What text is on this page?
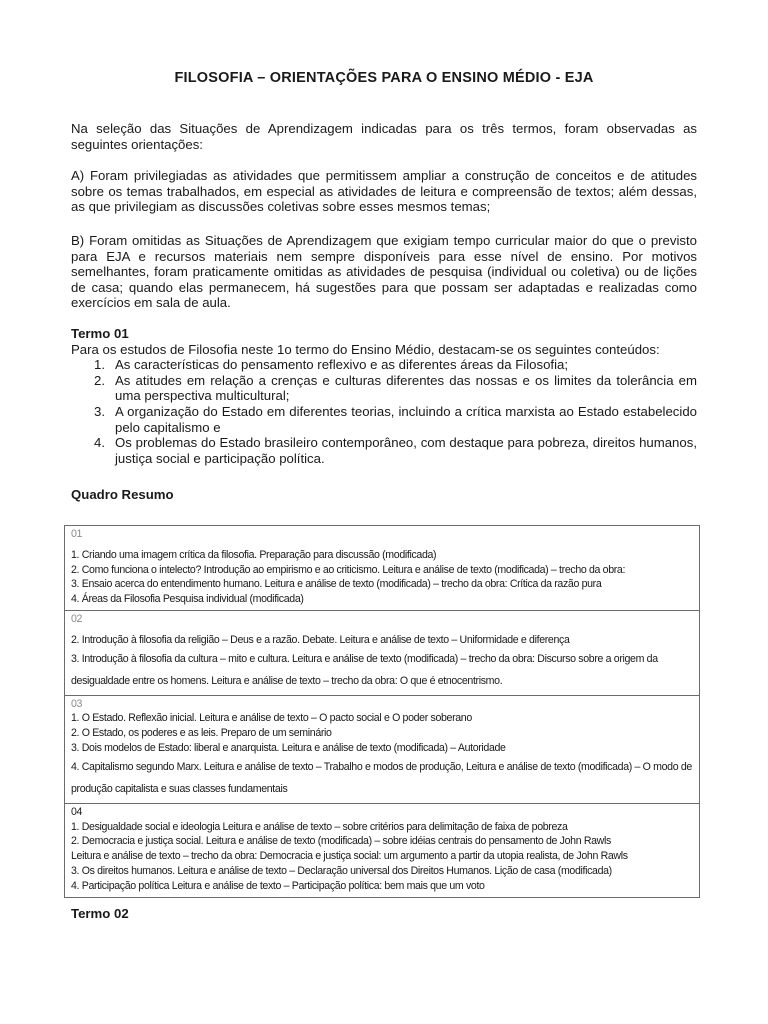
FILOSOFIA – ORIENTAÇÕES PARA O ENSINO MÉDIO - EJA
Na seleção das Situações de Aprendizagem indicadas para os três termos, foram observadas as seguintes orientações:
A) Foram privilegiadas as atividades que permitissem ampliar a construção de conceitos e de atitudes sobre os temas trabalhados, em especial as atividades de leitura e compreensão de textos; além dessas, as que privilegiam as discussões coletivas sobre esses mesmos temas;
B) Foram omitidas as Situações de Aprendizagem que exigiam tempo curricular maior do que o previsto para EJA e recursos materiais nem sempre disponíveis para esse nível de ensino. Por motivos semelhantes, foram praticamente omitidas as atividades de pesquisa (individual ou coletiva) ou de lições de casa; quando elas permanecem, há sugestões para que possam ser adaptadas e realizadas como exercícios em sala de aula.
Termo 01
Para os estudos de Filosofia neste 1o termo do Ensino Médio, destacam-se os seguintes conteúdos:
1. As características do pensamento reflexivo e as diferentes áreas da Filosofia;
2. As atitudes em relação a crenças e culturas diferentes das nossas e os limites da tolerância em uma perspectiva multicultural;
3. A organização do Estado em diferentes teorias, incluindo a crítica marxista ao Estado estabelecido pelo capitalismo e
4. Os problemas do Estado brasileiro contemporâneo, com destaque para pobreza, direitos humanos, justiça social e participação política.
Quadro Resumo
01
1. Criando uma imagem crítica da filosofia. Preparação para discussão (modificada)
2. Como funciona o intelecto? Introdução ao empirismo e ao criticismo. Leitura e análise de texto (modificada) – trecho da obra:
3. Ensaio acerca do entendimento humano. Leitura e análise de texto (modificada) – trecho da obra: Crítica da razão pura
4. Áreas da Filosofia Pesquisa individual (modificada)

02
2. Introdução à filosofia da religião – Deus e a razão. Debate. Leitura e análise de texto – Uniformidade e diferença
3. Introdução à filosofia da cultura – mito e cultura. Leitura e análise de texto (modificada) – trecho da obra: Discurso sobre a origem da desigualdade entre os homens. Leitura e análise de texto – trecho da obra: O que é etnocentrismo.

03
1. O Estado. Reflexão inicial. Leitura e análise de texto – O pacto social e O poder soberano
2. O Estado, os poderes e as leis. Preparo de um seminário
3. Dois modelos de Estado: liberal e anarquista. Leitura e análise de texto (modificada) – Autoridade
4. Capitalismo segundo Marx. Leitura e análise de texto – Trabalho e modos de produção, Leitura e análise de texto (modificada) – O modo de produção capitalista e suas classes fundamentais

04
1. Desigualdade social e ideologia Leitura e análise de texto – sobre critérios para delimitação de faixa de pobreza
2. Democracia e justiça social. Leitura e análise de texto (modificada) – sobre idéias centrais do pensamento de John Rawls
Leitura e análise de texto – trecho da obra: Democracia e justiça social: um argumento a partir da utopia realista, de John Rawls
3. Os direitos humanos. Leitura e análise de texto – Declaração universal dos Direitos Humanos. Lição de casa (modificada)
4. Participação política Leitura e análise de texto – Participação política: bem mais que um voto
Termo 02
